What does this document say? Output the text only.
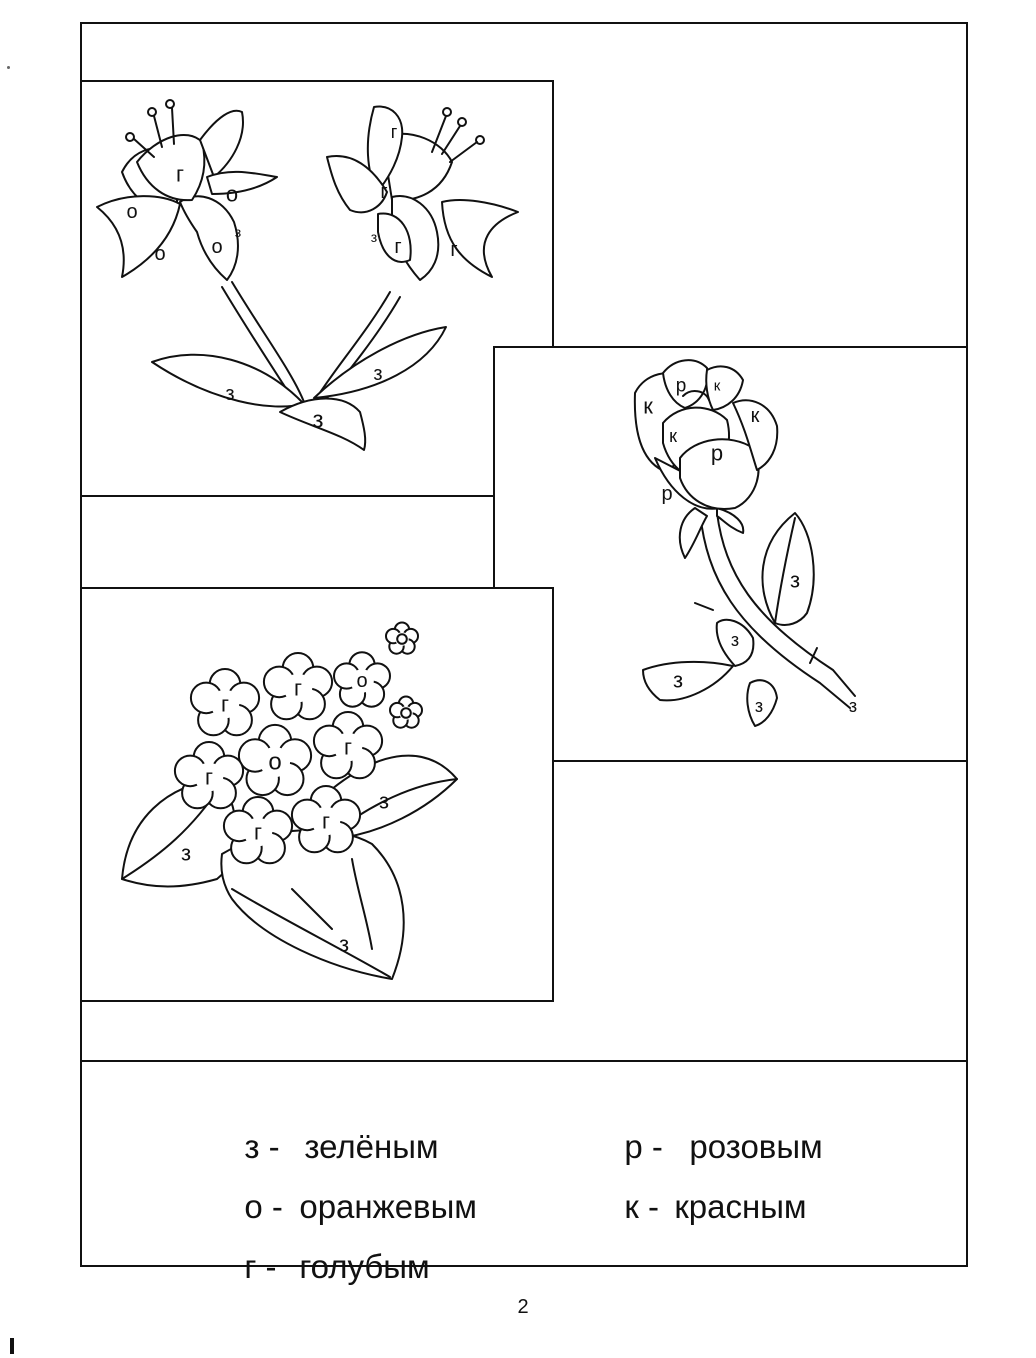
г
о
о
о о
з
г
г
г г
з
з
з
з
р к
к
к
к
р
р
з
з
з
з	з
г
г	о
г
о
г
г	г
з
з
з

з - зелёным

о - оранжевым

г - голубым

р - розовым

к - красным

2
